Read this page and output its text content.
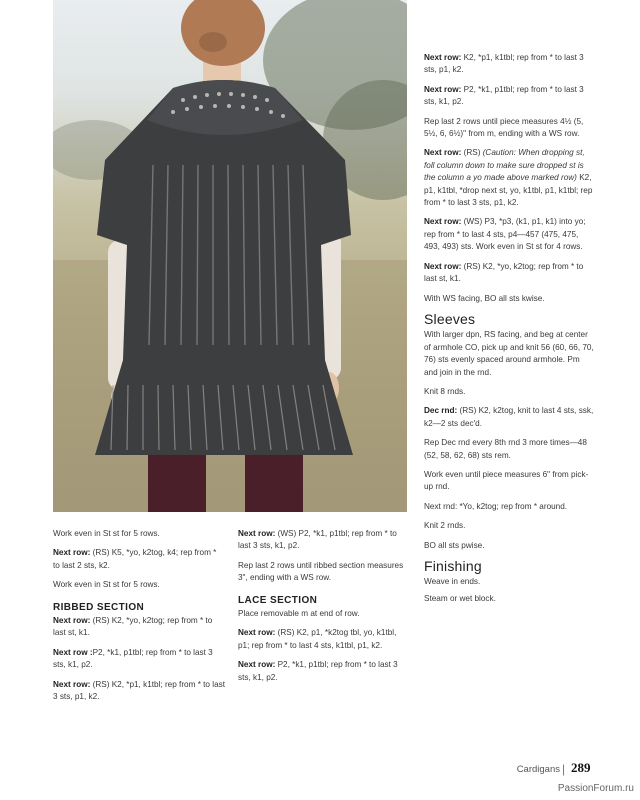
Work even in St st for 5 rows.

Next row: (RS) K5, *yo, k2tog, k4; rep from * to last 2 sts, k2.

Work even in St st for 5 rows.

RIBBED SECTION

Next row: (RS) K2, *yo, k2tog; rep from * to last st, k1.

Next row :P2, *k1, p1tbl; rep from * to last 3 sts, k1, p2.

Next row: (RS) K2, *p1, k1tbl; rep from * to last 3 sts, p1, k2.

Next row: (WS) P2, *k1, p1tbl; rep from * to last 3 sts, k1, p2.

Rep last 2 rows until ribbed section measures 3", ending with a WS row.

LACE SECTION

Place removable m at end of row.

Next row: (RS) K2, p1, *k2tog tbl, yo, k1tbl, p1; rep from * to last 4 sts, k1tbl, p1, k2.

Next row: P2, *k1, p1tbl; rep from * to last 3 sts, k1, p2.

Next row: K2, *p1, k1tbl; rep from * to last 3 sts, p1, k2.

Next row: P2, *k1, p1tbl; rep from * to last 3 sts, k1, p2.

Rep last 2 rows until piece measures 4½ (5, 5½, 6, 6½)" from m, ending with a WS row.

Next row: (RS) (Caution: When dropping st, foll column down to make sure dropped st is the column a yo made above marked row) K2, p1, k1tbl, *drop next st, yo, k1tbl, p1, k1tbl; rep from * to last 3 sts, p1, k2.

Next row: (WS) P3, *p3, (k1, p1, k1) into yo; rep from * to last 4 sts, p4—457 (475, 475, 493, 493) sts. Work even in St st for 4 rows.

Next row: (RS) K2, *yo, k2tog; rep from * to last st, k1.

With WS facing, BO all sts kwise.

Sleeves

With larger dpn, RS facing, and beg at center of armhole CO, pick up and knit 56 (60, 66, 70, 76) sts evenly spaced around armhole. Pm and join in the rnd.

Knit 8 rnds.

Dec rnd: (RS) K2, k2tog, knit to last 4 sts, ssk, k2—2 sts dec'd.

Rep Dec rnd every 8th rnd 3 more times—48 (52, 58, 62, 68) sts rem.

Work even until piece measures 6" from pick-up rnd.

Next rnd: *Yo, k2tog; rep from * around.

Knit 2 rnds.

BO all sts pwise.

Finishing

Weave in ends.

Steam or wet block.

Cardigans | 289
PassionForum.ru
